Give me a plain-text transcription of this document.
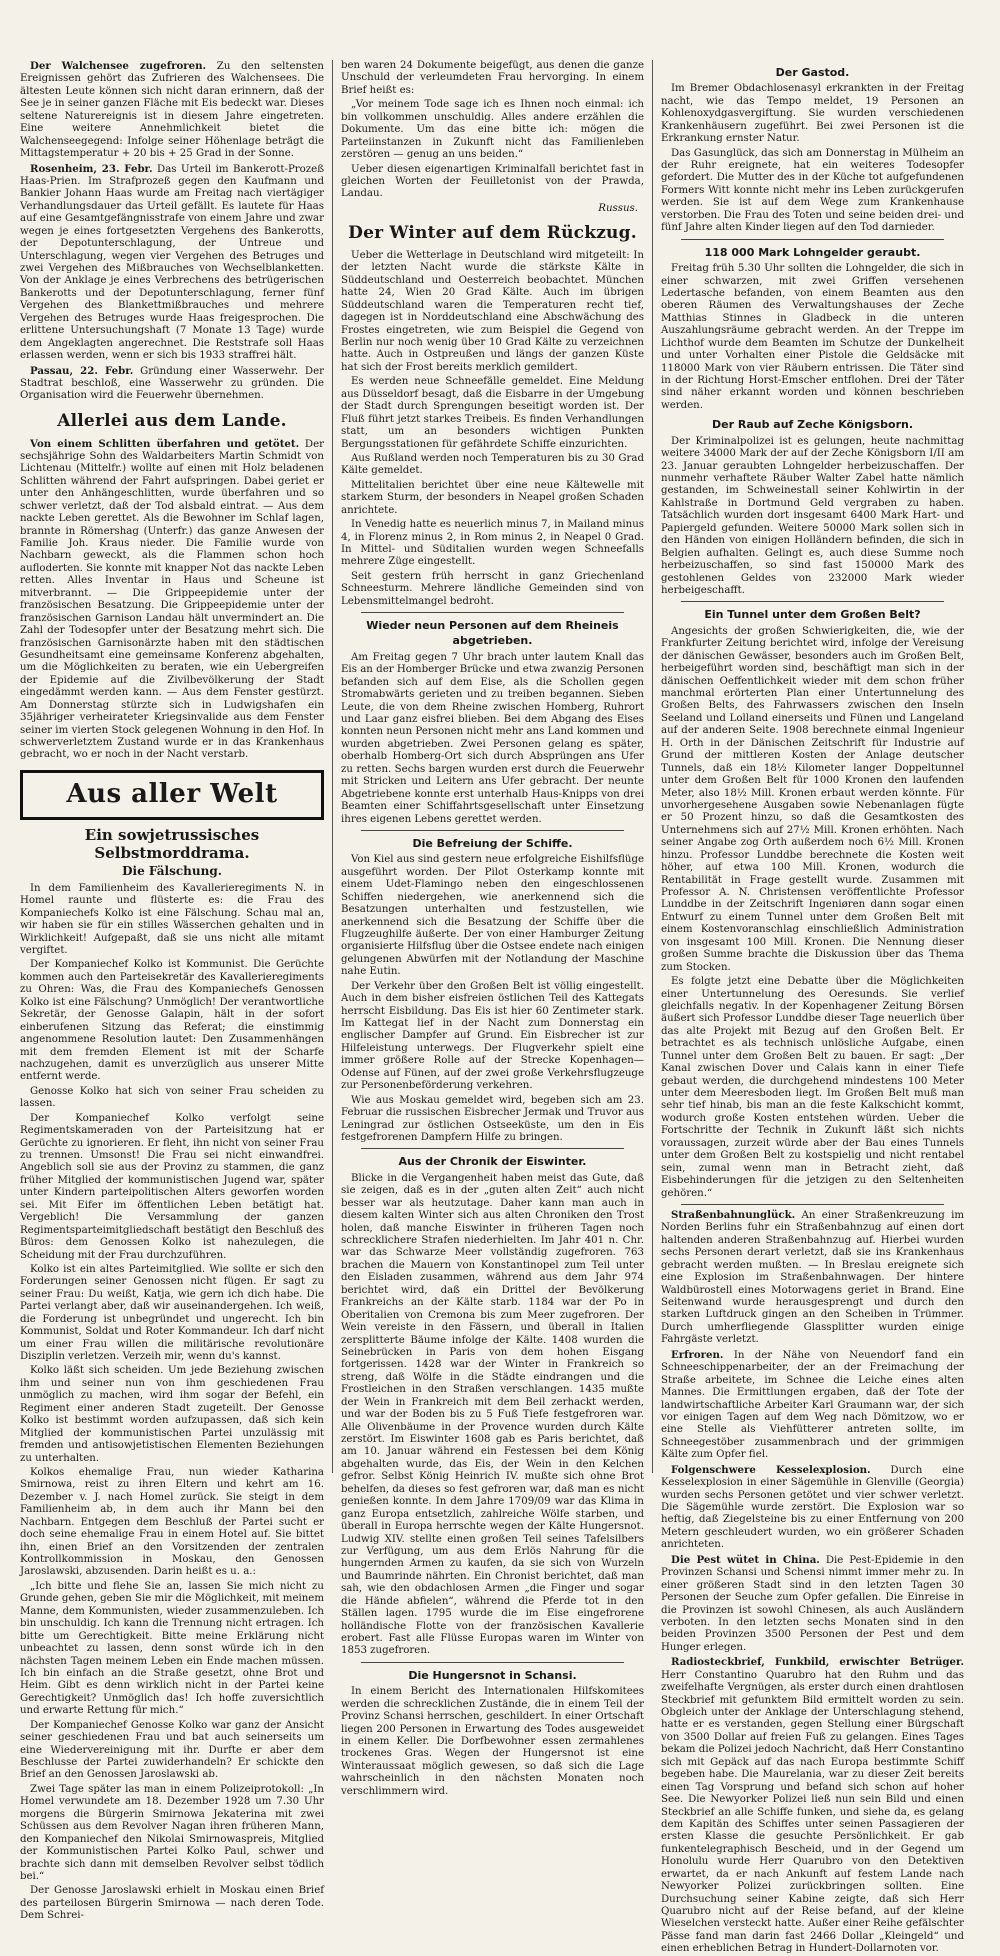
Der Walchensee zugefroren. Zu den seltensten Ereignissen gehört das Zufrieren des Walchensees. Die ältesten Leute können sich nicht daran erinnern, daß der See je in seiner ganzen Fläche mit Eis bedeckt war. Dieses seltene Naturereignis ist in diesem Jahre eingetreten. Eine weitere Annehmlichkeit bietet die Walchenseegegend: Infolge seiner Höhenlage beträgt die Mittagstemperatur + 20 bis + 25 Grad in der Sonne.

Rosenheim, 23. Febr. Das Urteil im Bankerott-Prozeß Haas-Prien. Im Strafprozeß gegen den Kaufmann und Bankier Johann Haas wurde am Freitag nach viertägiger Verhandlungsdauer das Urteil gefällt. Es lautete für Haas auf eine Gesamtgefängnisstrafe von einem Jahre und zwar wegen je eines fortgesetzten Vergehens des Bankerotts, der Depotunterschlagung, der Untreue und Unterschlagung, wegen vier Vergehen des Betruges und zwei Vergehen des Mißbrauches von Wechselblanketten. Von der Anklage je eines Verbrechens des betrügerischen Bankerotts und der Depotunterschlagung, ferner fünf Vergehen des Blankettmißbrauches und mehrere Vergehen des Betruges wurde Haas freigesprochen. Die erlittene Untersuchungshaft (7 Monate 13 Tage) wurde dem Angeklagten angerechnet. Die Reststrafe soll Haas erlassen werden, wenn er sich bis 1933 straffrei hält.

Passau, 22. Febr. Gründung einer Wasserwehr. Der Stadtrat beschloß, eine Wasserwehr zu gründen. Die Organisation wird die Feuerwehr übernehmen.

Allerlei aus dem Lande.

Von einem Schlitten überfahren und getötet. Der sechsjährige Sohn des Waldarbeiters Martin Schmidt von Lichtenau (Mittelfr.) wollte auf einen mit Holz beladenen Schlitten während der Fahrt aufspringen. Dabei geriet er unter den Anhängeschlitten, wurde überfahren und so schwer verletzt, daß der Tod alsbald eintrat. — Aus dem nackte Leben gerettet. Als die Bewohner im Schlaf lagen, brannte in Römershag (Unterfr.) das ganze Anwesen der Familie Joh. Kraus nieder. Die Familie wurde von Nachbarn geweckt, als die Flammen schon hoch aufloderten. Sie konnte mit knapper Not das nackte Leben retten. Alles Inventar in Haus und Scheune ist mitverbrannt. — Die Grippeepidemie unter der französischen Besatzung. Die Grippeepidemie unter der französischen Garnison Landau hält unvermindert an. Die Zahl der Todesopfer unter der Besatzung mehrt sich. Die französischen Garnisonärzte haben mit den städtischen Gesundheitsamt eine gemeinsame Konferenz abgehalten, um die Möglichkeiten zu beraten, wie ein Uebergreifen der Epidemie auf die Zivilbevölkerung der Stadt eingedämmt werden kann. — Aus dem Fenster gestürzt. Am Donnerstag stürzte sich in Ludwigshafen ein 35jähriger verheirateter Kriegsinvalide aus dem Fenster seiner im vierten Stock gelegenen Wohnung in den Hof. In schwerverletztem Zustand wurde er in das Krankenhaus gebracht, wo er noch in der Nacht verstarb.

Aus aller Welt
Ein sowjetrussisches Selbstmorddrama.
Die Fälschung.

In dem Familienheim des Kavallerieregiments N. in Homel raunte und flüsterte es: die Frau des Kompaniechefs Kolko ist eine Fälschung. Schau mal an, wir haben sie für ein stilles Wässerchen gehalten und in Wirklichkeit! Aufgepaßt, daß sie uns nicht alle mitamt vergiftet.

Der Kompaniechef Kolko ist Kommunist. Die Gerüchte kommen auch den Parteisekretär des Kavallerieregiments zu Ohren: Was, die Frau des Kompaniechefs Genossen Kolko ist eine Fälschung? Unmöglich! Der verantwortliche Sekretär, der Genosse Galapin, hält in der sofort einberufenen Sitzung das Referat; die einstimmig angenommene Resolution lautet: Den Zusammenhängen mit dem fremden Element ist mit der Scharfe nachzugehen, damit es unverzüglich aus unserer Mitte entfernt werde.

Genosse Kolko hat sich von seiner Frau scheiden zu lassen.

Der Kompaniechef Kolko verfolgt seine Regimentskameraden von der Parteisitzung hat er Gerüchte zu ignorieren. Er fleht, ihn nicht von seiner Frau zu trennen. Umsonst! Die Frau sei nicht einwandfrei. Angeblich soll sie aus der Provinz zu stammen, die ganz früher Mitglied der kommunistischen Jugend war, später unter Kindern parteipolitischen Alters geworfen worden sei. Mit Eifer im öffentlichen Leben betätigt hat. Vergeblich! Die Versammlung der ganzen Regimentsparteimitgliedschaft bestätigt den Beschluß des Büros: dem Genossen Kolko ist nahezulegen, die Scheidung mit der Frau durchzuführen.

Kolko ist ein altes Parteimitglied. Wie sollte er sich den Forderungen seiner Genossen nicht fügen. Er sagt zu seiner Frau: Du weißt, Katja, wie gern ich dich habe. Die Partei verlangt aber, daß wir auseinandergehen. Ich weiß, die Forderung ist unbegründet und ungerecht. Ich bin Kommunist, Soldat und Roter Kommandeur. Ich darf nicht um einer Frau willen die militärische revolutionäre Disziplin verletzen. Verzeih mir, wenn du's kannst.

Kolko läßt sich scheiden. Um jede Beziehung zwischen ihm und seiner nun von ihm geschiedenen Frau unmöglich zu machen, wird ihm sogar der Befehl, ein Regiment einer anderen Stadt zugeteilt. Der Genosse Kolko ist bestimmt worden aufzupassen, daß sich kein Mitglied der kommunistischen Partei unzulässig mit fremden und antisowjetistischen Elementen Beziehungen zu unterhalten.

Kolkos ehemalige Frau, nun wieder Katharina Smirnowa, reist zu ihren Eltern und kehrt am 16. Dezember v. J. nach Homel zurück. Sie steigt in dem Familienheim ab, in dem auch ihr Mann bei den Nachbarn. Entgegen dem Beschluß der Partei sucht er doch seine ehemalige Frau in einem Hotel auf. Sie bittet ihn, einen Brief an den Vorsitzenden der zentralen Kontrollkommission in Moskau, den Genossen Jaroslawski, abzusenden. Darin heißt es u. a.:

„Ich bitte und flehe Sie an, lassen Sie mich nicht zu Grunde gehen, geben Sie mir die Möglichkeit, mit meinem Manne, dem Kommunisten, wieder zusammenzuleben. Ich bin unschuldig. Ich kann die Trennung nicht ertragen. Ich bitte um Gerechtigkeit. Bitte meine Erklärung nicht unbeachtet zu lassen, denn sonst würde ich in den nächsten Tagen meinem Leben ein Ende machen müssen. Ich bin einfach an die Straße gesetzt, ohne Brot und Heim. Gibt es denn wirklich nicht in der Partei keine Gerechtigkeit? Unmöglich das! Ich hoffe zuversichtlich und erwarte Rettung für mich.“

Der Kompaniechef Genosse Kolko war ganz der Ansicht seiner geschiedenen Frau und bat auch seinerseits um eine Wiedervereinigung mit ihr. Durfte er aber dem Beschlusse der Partei zuwiderhandeln? Er schickte den Brief an den Genossen Jaroslawski ab.

Zwei Tage später las man in einem Polizeiprotokoll: „In Homel verwundete am 18. Dezember 1928 um 7.30 Uhr morgens die Bürgerin Smirnowa Jekaterina mit zwei Schüssen aus dem Revolver Nagan ihren früheren Mann, den Kompaniechef den Nikolai Smirnowaspreis, Mitglied der Kommunistischen Partei Kolko Paul, schwer und brachte sich dann mit demselben Revolver selbst tödlich bei.“

Der Genosse Jaroslawski erhielt in Moskau einen Brief des parteilosen Bürgerin Smirnowa — nach deren Tode. Dem Schrei-

ben waren 24 Dokumente beigefügt, aus denen die ganze Unschuld der verleumdeten Frau hervorging. In einem Brief heißt es:

„Vor meinem Tode sage ich es Ihnen noch einmal: ich bin vollkommen unschuldig. Alles andere erzählen die Dokumente. Um das eine bitte ich: mögen die Parteiinstanzen in Zukunft nicht das Familienleben zerstören — genug an uns beiden.“

Ueber diesen eigenartigen Kriminalfall berichtet fast in gleichen Worten der Feuilletonist von der Prawda, Landau.

Russus.
Der Winter auf dem Rückzug.

Ueber die Wetterlage in Deutschland wird mitgeteilt: In der letzten Nacht wurde die stärkste Kälte in Süddeutschland und Oesterreich beobachtet. München hatte 24, Wien 20 Grad Kälte. Auch im übrigen Süddeutschland waren die Temperaturen recht tief, dagegen ist in Norddeutschland eine Abschwächung des Frostes eingetreten, wie zum Beispiel die Gegend von Berlin nur noch wenig über 10 Grad Kälte zu verzeichnen hatte. Auch in Ostpreußen und längs der ganzen Küste hat sich der Frost bereits merklich gemildert.

Es werden neue Schneefälle gemeldet. Eine Meldung aus Düsseldorf besagt, daß die Eisbarre in der Umgebung der Stadt durch Sprengungen beseitigt worden ist. Der Fluß führt jetzt starkes Treibeis. Es finden Verhandlungen statt, um an besonders wichtigen Punkten Bergungsstationen für gefährdete Schiffe einzurichten.

Aus Rußland werden noch Temperaturen bis zu 30 Grad Kälte gemeldet.

Mittelitalien berichtet über eine neue Kältewelle mit starkem Sturm, der besonders in Neapel großen Schaden anrichtete.

In Venedig hatte es neuerlich minus 7, in Mailand minus 4, in Florenz minus 2, in Rom minus 2, in Neapel 0 Grad. In Mittel- und Süditalien wurden wegen Schneefalls mehrere Züge eingestellt.

Seit gestern früh herrscht in ganz Griechenland Schneesturm. Mehrere ländliche Gemeinden sind von Lebensmittelmangel bedroht.

Wieder neun Personen auf dem Rheineis abgetrieben.

Am Freitag gegen 7 Uhr brach unter lautem Knall das Eis an der Homberger Brücke und etwa zwanzig Personen befanden sich auf dem Eise, als die Schollen gegen Stromabwärts gerieten und zu treiben begannen. Sieben Leute, die von dem Rheine zwischen Homberg, Ruhrort und Laar ganz eisfrei blieben. Bei dem Abgang des Eises konnten neun Personen nicht mehr ans Land kommen und wurden abgetrieben. Zwei Personen gelang es später, oberhalb Homberg-Ort sich durch Absprüngen ans Ufer zu retten. Sechs bargen wurden erst durch die Feuerwehr mit Stricken und Leitern ans Ufer gebracht. Der neunte Abgetriebene konnte erst unterhalb Haus-Knipps von drei Beamten einer Schiffahrtsgesellschaft unter Einsetzung ihres eigenen Lebens gerettet werden.

Die Befreiung der Schiffe.

Von Kiel aus sind gestern neue erfolgreiche Eishilfsflüge ausgeführt worden. Der Pilot Osterkamp konnte mit einem Udet-Flamingo neben den eingeschlossenen Schiffen niedergehen, wie anerkennend sich die Besatzungen unterhalten und festzustellen, wie anerkennend sich die Besatzung der Schiffe über die Flugzeughilfe äußerte. Der von einer Hamburger Zeitung organisierte Hilfsflug über die Ostsee endete nach einigen gelungenen Abwürfen mit der Notlandung der Maschine nahe Eutin.

Der Verkehr über den Großen Belt ist völlig eingestellt. Auch in dem bisher eisfreien östlichen Teil des Kattegats herrscht Eisbildung. Das Eis ist hier 60 Zentimeter stark. Im Kattegat lief in der Nacht zum Donnerstag ein englischer Dampfer auf Grund. Ein Eisbrecher ist zur Hilfeleistung unterwegs. Der Flugverkehr spielt eine immer größere Rolle auf der Strecke Kopenhagen—Odense auf Fünen, auf der zwei große Verkehrsflugzeuge zur Personenbeförderung verkehren.

Wie aus Moskau gemeldet wird, begeben sich am 23. Februar die russischen Eisbrecher Jermak und Truvor aus Leningrad zur östlichen Ostseeküste, um den in Eis festgefrorenen Dampfern Hilfe zu bringen.

Aus der Chronik der Eiswinter.

Blicke in die Vergangenheit haben meist das Gute, daß sie zeigen, daß es in der „guten alten Zeit“ auch nicht besser war als heutzutage. Daher kann man auch in diesem kalten Winter sich aus alten Chroniken den Trost holen, daß manche Eiswinter in früheren Tagen noch schrecklichere Strafen niederhielten. Im Jahr 401 n. Chr. war das Schwarze Meer vollständig zugefroren. 763 brachen die Mauern von Konstantinopel zum Teil unter den Eisladen zusammen, während aus dem Jahr 974 berichtet wird, daß ein Drittel der Bevölkerung Frankreichs an der Kälte starb. 1184 war der Po in Oberitalien von Cremona bis zum Meer zugefroren. Der Wein vereiste in den Fässern, und überall in Italien zersplitterte Bäume infolge der Kälte. 1408 wurden die Seinebrücken in Paris von dem hohen Eisgang fortgerissen. 1428 war der Winter in Frankreich so streng, daß Wölfe in die Städte eindrangen und die Frostleichen in den Straßen verschlangen. 1435 mußte der Wein in Frankreich mit dem Beil zerhackt werden, und war der Boden bis zu 5 Fuß Tiefe festgefroren war. Alle Olivenbäume in der Provence wurden durch Kälte zerstört. Im Eiswinter 1608 gab es Paris berichtet, daß am 10. Januar während ein Festessen bei dem König abgehalten wurde, das Eis, der Wein in den Kelchen gefror. Selbst König Heinrich IV. mußte sich ohne Brot behelfen, da dieses so fest gefroren war, daß man es nicht genießen konnte. In dem Jahre 1709/09 war das Klima in ganz Europa entsetzlich, zahlreiche Wölfe starben, und überall in Europa herrschte wegen der Kälte Hungersnot. Ludwig XIV. stellte einen großen Teil seines Tafelsilbers zur Verfügung, um aus dem Erlös Nahrung für die hungernden Armen zu kaufen, da sie sich von Wurzeln und Baumrinde nährten. Ein Chronist berichtet, daß man sah, wie den obdachlosen Armen „die Finger und sogar die Hände abfielen“, während die Pferde tot in den Ställen lagen. 1795 wurde die im Eise eingefrorene holländische Flotte von der französischen Kavallerie erobert. Fast alle Flüsse Europas waren im Winter von 1853 zugefroren.

Die Hungersnot in Schansi.

In einem Bericht des Internationalen Hilfskomitees werden die schrecklichen Zustände, die in einem Teil der Provinz Schansi herrschen, geschildert. In einer Ortschaft liegen 200 Personen in Erwartung des Todes ausgeweidet in einem Keller. Die Dorfbewohner essen zermahlenes trockenes Gras. Wegen der Hungersnot ist eine Winteraussaat möglich gewesen, so daß sich die Lage wahrscheinlich in den nächsten Monaten noch verschlimmern wird.

Der Gastod.

Im Bremer Obdachlosenasyl erkrankten in der Freitag nacht, wie das Tempo meldet, 19 Personen an Kohlenoxydgasvergiftung. Sie wurden verschiedenen Krankenhäusern zugeführt. Bei zwei Personen ist die Erkrankung ernster Natur.

Das Gasunglück, das sich am Donnerstag in Mülheim an der Ruhr ereignete, hat ein weiteres Todesopfer gefordert. Die Mutter des in der Küche tot aufgefundenen Formers Witt konnte nicht mehr ins Leben zurückgerufen werden. Sie ist auf dem Wege zum Krankenhause verstorben. Die Frau des Toten und seine beiden drei- und fünf Jahre alten Kinder liegen auf den Tod darnieder.

118 000 Mark Lohngelder geraubt.

Freitag früh 5.30 Uhr sollten die Lohngelder, die sich in einer schwarzen, mit zwei Griffen versehenen Ledertasche befanden, von einem Beamten aus den oberen Räumen des Verwaltungshauses der Zeche Matthias Stinnes in Gladbeck in die unteren Auszahlungsräume gebracht werden. An der Treppe im Lichthof wurde dem Beamten im Schutze der Dunkelheit und unter Vorhalten einer Pistole die Geldsäcke mit 118000 Mark von vier Räubern entrissen. Die Täter sind in der Richtung Horst-Emscher entflohen. Drei der Täter sind näher erkannt worden und können beschrieben werden.

Der Raub auf Zeche Königsborn.

Der Kriminalpolizei ist es gelungen, heute nachmittag weitere 34000 Mark der auf der Zeche Königsborn I/II am 23. Januar geraubten Lohngelder herbeizuschaffen. Der nunmehr verhaftete Räuber Walter Zabel hatte nämlich gestanden, im Schweinestall seiner Kohlwirtin in der Kahlstraße in Dortmund Geld vergraben zu haben. Tatsächlich wurden dort insgesamt 6400 Mark Hart- und Papiergeld gefunden. Weitere 50000 Mark sollen sich in den Händen von einigen Holländern befinden, die sich in Belgien aufhalten. Gelingt es, auch diese Summe noch herbeizuschaffen, so sind fast 150000 Mark des gestohlenen Geldes von 232000 Mark wieder herbeigeschafft.

Ein Tunnel unter dem Großen Belt?

Angesichts der großen Schwierigkeiten, die, wie der Frankfurter Zeitung berichtet wird, infolge der Vereisung der dänischen Gewässer, besonders auch im Großen Belt, herbeigeführt worden sind, beschäftigt man sich in der dänischen Oeffentlichkeit wieder mit dem schon früher manchmal erörterten Plan einer Untertunnelung des Großen Belts, des Fahrwassers zwischen den Inseln Seeland und Lolland einerseits und Fünen und Langeland auf der anderen Seite. 1908 berechnete einmal Ingenieur H. Orth in der Dänischen Zeitschrift für Industrie auf Grund der mittleren Kosten der Anlage deutscher Tunnels, daß ein 18½ Kilometer langer Doppeltunnel unter dem Großen Belt für 1000 Kronen den laufenden Meter, also 18½ Mill. Kronen erbaut werden könnte. Für unvorhergesehene Ausgaben sowie Nebenanlagen fügte er 50 Prozent hinzu, so daß die Gesamtkosten des Unternehmens sich auf 27½ Mill. Kronen erhöhten. Nach seiner Angabe zog Orth außerdem noch 6½ Mill. Kronen hinzu. Professor Lunddbe berechnete die Kosten weit höher, auf etwa 100 Mill. Kronen, wodurch die Rentabilität in Frage gestellt wurde. Zusammen mit Professor A. N. Christensen veröffentlichte Professor Lunddbe in der Zeitschrift Ingeniøren dann sogar einen Entwurf zu einem Tunnel unter dem Großen Belt mit einem Kostenvoranschlag einschließlich Administration von insgesamt 100 Mill. Kronen. Die Nennung dieser großen Summe brachte die Diskussion über das Thema zum Stocken.

Es folgte jetzt eine Debatte über die Möglichkeiten einer Untertunnelung des Oeresunds. Sie verlief gleichfalls negativ. In der Kopenhagener Zeitung Börsen äußert sich Professor Lunddbe dieser Tage neuerlich über das alte Projekt mit Bezug auf den Großen Belt. Er betrachtet es als technisch unlösliche Aufgabe, einen Tunnel unter dem Großen Belt zu bauen. Er sagt: „Der Kanal zwischen Dover und Calais kann in einer Tiefe gebaut werden, die durchgehend mindestens 100 Meter unter dem Meeresboden liegt. Im Großen Belt muß man sehr tief hinab, bis man an die feste Kalkschicht kommt, wodurch große Kosten entstehen würden. Ueber die Fortschritte der Technik in Zukunft läßt sich nichts voraussagen, zurzeit würde aber der Bau eines Tunnels unter dem Großen Belt zu kostspielig und nicht rentabel sein, zumal wenn man in Betracht zieht, daß Eisbehinderungen für die jetzigen zu den Seltenheiten gehören.“

Straßenbahnunglück. An einer Straßenkreuzung im Norden Berlins fuhr ein Straßenbahnzug auf einen dort haltenden anderen Straßenbahnzug auf. Hierbei wurden sechs Personen derart verletzt, daß sie ins Krankenhaus gebracht werden mußten. — In Breslau ereignete sich eine Explosion im Straßenbahnwagen. Der hintere Waldbürostell eines Motorwagens geriet in Brand. Eine Seitenwand wurde herausgesprengt und durch den starken Luftdruck gingen an den Scheiben in Trümmer. Durch umherfliegende Glassplitter wurden einige Fahrgäste verletzt.

Erfroren. In der Nähe von Neuendorf fand ein Schneeschippenarbeiter, der an der Freimachung der Straße arbeitete, im Schnee die Leiche eines alten Mannes. Die Ermittlungen ergaben, daß der Tote der landwirtschaftliche Arbeiter Karl Graumann war, der sich vor einigen Tagen auf dem Weg nach Dömitzow, wo er eine Stelle als Viehfütterer antreten sollte, im Schneegestöber zusammenbrach und der grimmigen Kälte zum Opfer fiel.

Folgenschwere Kesselexplosion. Durch eine Kesselexplosion in einer Sägemühle in Glenville (Georgia) wurden sechs Personen getötet und vier schwer verletzt. Die Sägemühle wurde zerstört. Die Explosion war so heftig, daß Ziegelsteine bis zu einer Entfernung von 200 Metern geschleudert wurden, wo ein größerer Schaden anrichteten.

Die Pest wütet in China. Die Pest-Epidemie in den Provinzen Schansi und Schensi nimmt immer mehr zu. In einer größeren Stadt sind in den letzten Tagen 30 Personen der Seuche zum Opfer gefallen. Die Einreise in die Provinzen ist sowohl Chinesen, als auch Ausländern verboten. In den letzten sechs Monaten sind in den beiden Provinzen 3500 Personen der Pest und dem Hunger erlegen.

Radiosteckbrief, Funkbild, erwischter Betrüger. Herr Constantino Quarubro hat den Ruhm und das zweifelhafte Vergnügen, als erster durch einen drahtlosen Steckbrief mit gefunktem Bild ermittelt worden zu sein. Obgleich unter der Anklage der Unterschlagung stehend, hatte er es verstanden, gegen Stellung einer Bürgschaft von 3500 Dollar auf freien Fuß zu gelangen. Eines Tages bekam die Polizei jedoch Nachricht, daß Herr Constantino sich mit Gepäck auf das nach Europa bestimmte Schiff begeben habe. Die Maurelania, war zu dieser Zeit bereits einen Tag Vorsprung und befand sich schon auf hoher See. Die Newyorker Polizei ließ nun sein Bild und einen Steckbrief an alle Schiffe funken, und siehe da, es gelang dem Kapitän des Schiffes unter seinen Passagieren der ersten Klasse die gesuchte Persönlichkeit. Er gab funkentelegraphisch Bescheid, und in der Gegend um Honolulu wurde Herr Quarubro von den Detektiven erwartet, da er nach Ankunft auf festem Lande nach Newyorker Polizei zurückbringen sollten. Eine Durchsuchung seiner Kabine zeigte, daß sich Herr Quarubro nicht auf der Reise befand, auf der kleine Wieselchen versteckt hatte. Außer einer Reihe gefälschter Pässe fand man darin fast 2466 Dollar „Kleingeld“ und einen erheblichen Betrag in Hundert-Dollarnoten vor.
